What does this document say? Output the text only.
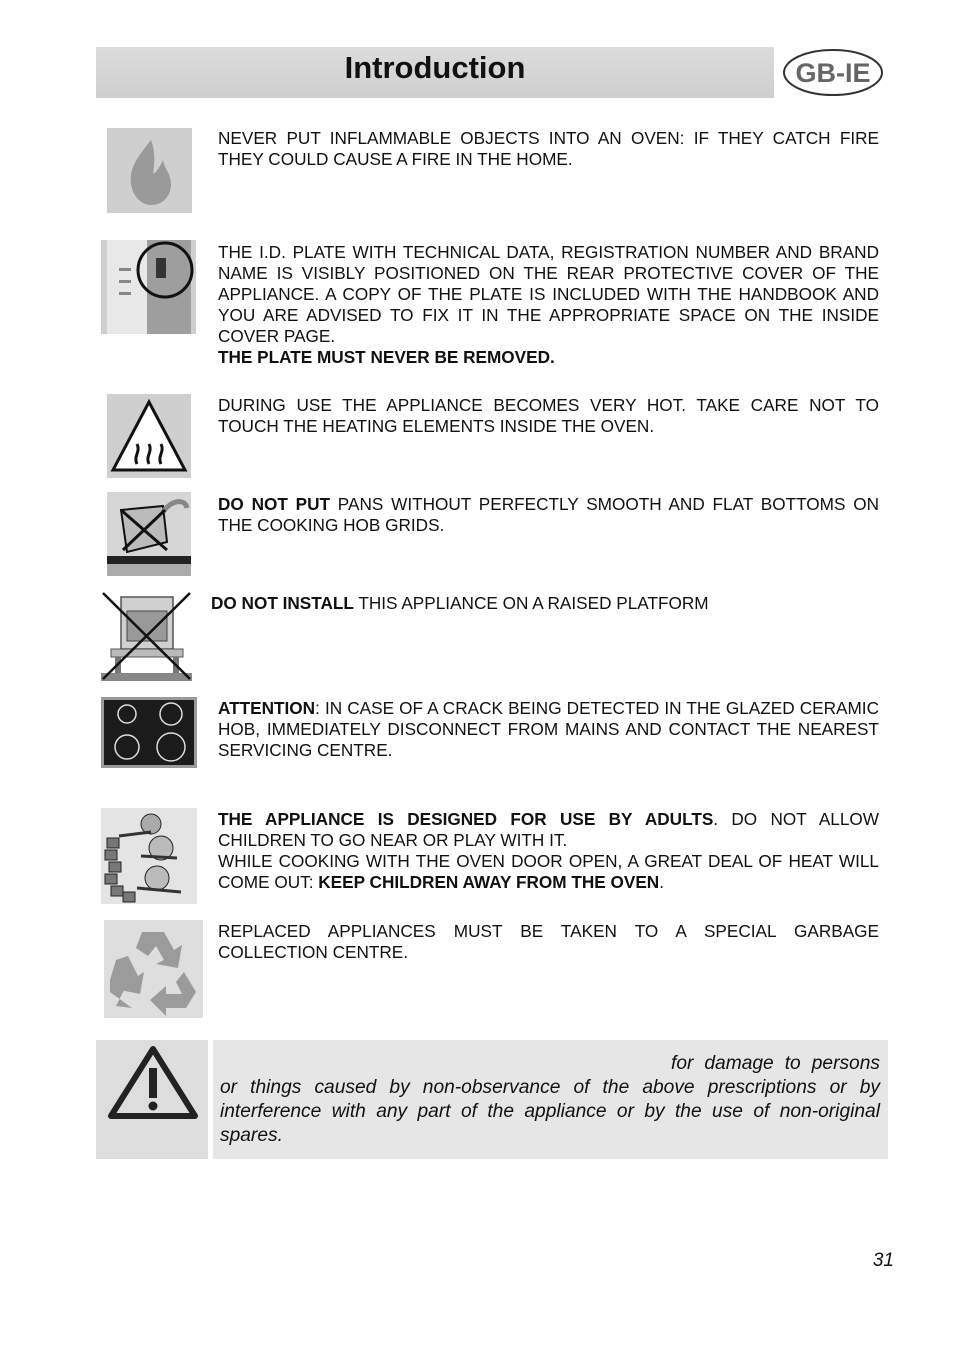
Introduction	GB-IE
NEVER PUT INFLAMMABLE OBJECTS INTO AN OVEN: IF THEY CATCH FIRE THEY COULD CAUSE A FIRE IN THE HOME.
THE I.D. PLATE WITH TECHNICAL DATA, REGISTRATION NUMBER AND BRAND NAME IS VISIBLY POSITIONED ON THE REAR PROTECTIVE COVER OF THE APPLIANCE. A COPY OF THE PLATE IS INCLUDED WITH THE HANDBOOK AND YOU ARE ADVISED TO FIX IT IN THE APPROPRIATE SPACE ON THE INSIDE COVER PAGE.
THE PLATE MUST NEVER BE REMOVED.
DURING USE THE APPLIANCE BECOMES VERY HOT. TAKE CARE NOT TO TOUCH THE HEATING ELEMENTS INSIDE THE OVEN.
DO NOT PUT PANS WITHOUT PERFECTLY SMOOTH AND FLAT BOTTOMS ON THE COOKING HOB GRIDS.
DO NOT INSTALL THIS APPLIANCE ON A RAISED PLATFORM
ATTENTION: IN CASE OF A CRACK BEING DETECTED IN THE GLAZED CERAMIC HOB, IMMEDIATELY DISCONNECT FROM MAINS AND CONTACT THE NEAREST SERVICING CENTRE.
THE APPLIANCE IS DESIGNED FOR USE BY ADULTS. DO NOT ALLOW CHILDREN TO GO NEAR OR PLAY WITH IT.
WHILE COOKING WITH THE OVEN DOOR OPEN, A GREAT DEAL OF HEAT WILL COME OUT: KEEP CHILDREN AWAY FROM THE OVEN.
REPLACED APPLIANCES MUST BE TAKEN TO A SPECIAL GARBAGE COLLECTION CENTRE.

for damage to persons or things caused by non-observance of the above prescriptions or by interference with any part of the appliance or by the use of non-original spares.

31
